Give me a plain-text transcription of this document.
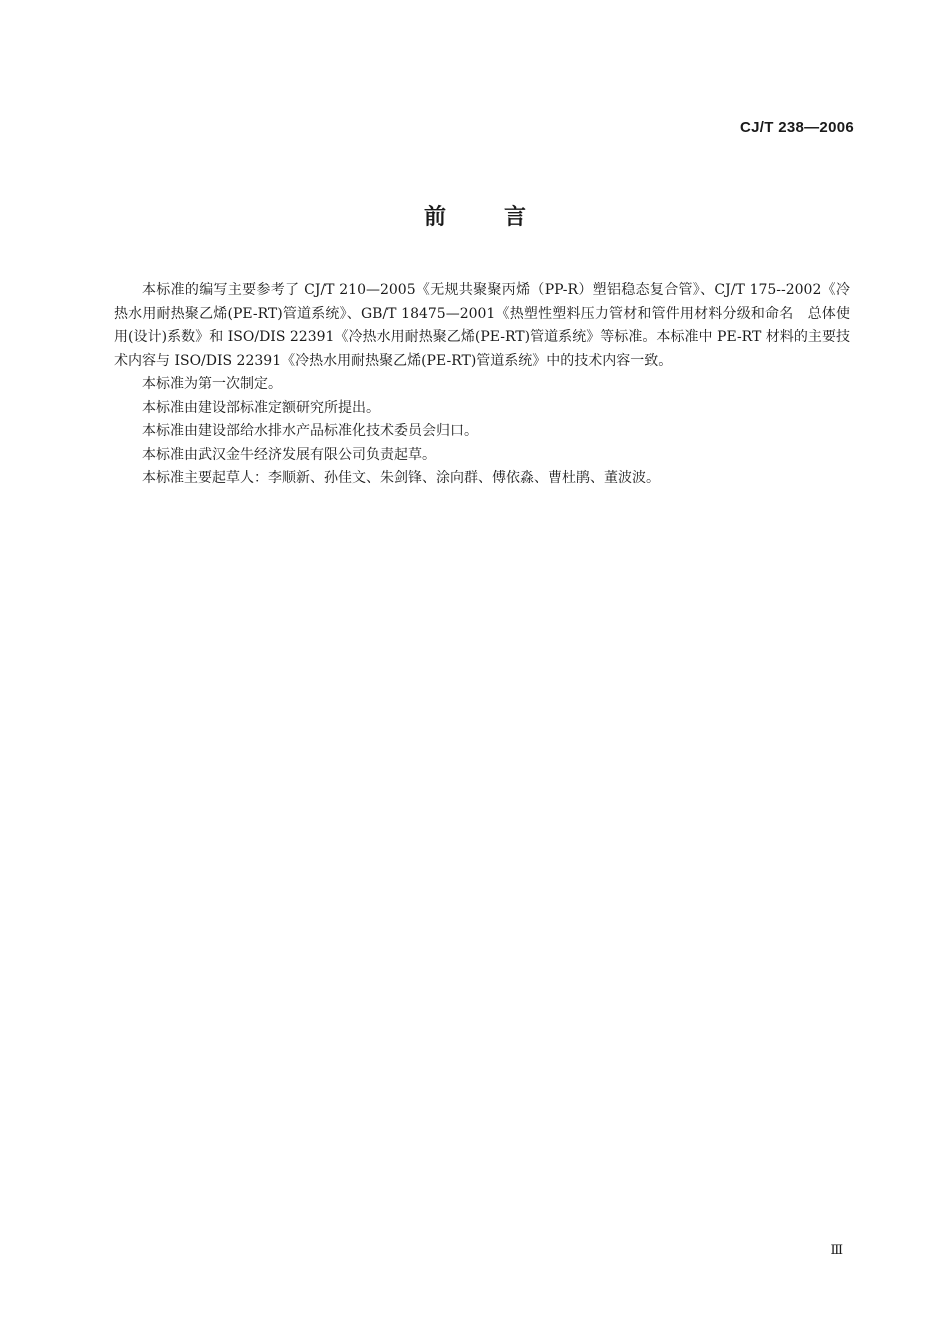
CJ/T 238—2006
前言

本标准的编写主要参考了 CJ/T 210—2005《无规共聚聚丙烯（PP-R）塑铝稳态复合管》、CJ/T 175--2002《冷热水用耐热聚乙烯(PE-RT)管道系统》、GB/T 18475—2001《热塑性塑料压力管材和管件用材料分级和命名　总体使用(设计)系数》和 ISO/DIS 22391《冷热水用耐热聚乙烯(PE-RT)管道系统》等标准。本标准中 PE-RT 材料的主要技术内容与 ISO/DIS 22391《冷热水用耐热聚乙烯(PE-RT)管道系统》中的技术内容一致。

本标准为第一次制定。

本标准由建设部标准定额研究所提出。

本标准由建设部给水排水产品标准化技术委员会归口。

本标准由武汉金牛经济发展有限公司负责起草。

本标准主要起草人：李顺新、孙佳文、朱剑锋、涂向群、傅依淼、曹杜鹃、董波波。

Ⅲ
